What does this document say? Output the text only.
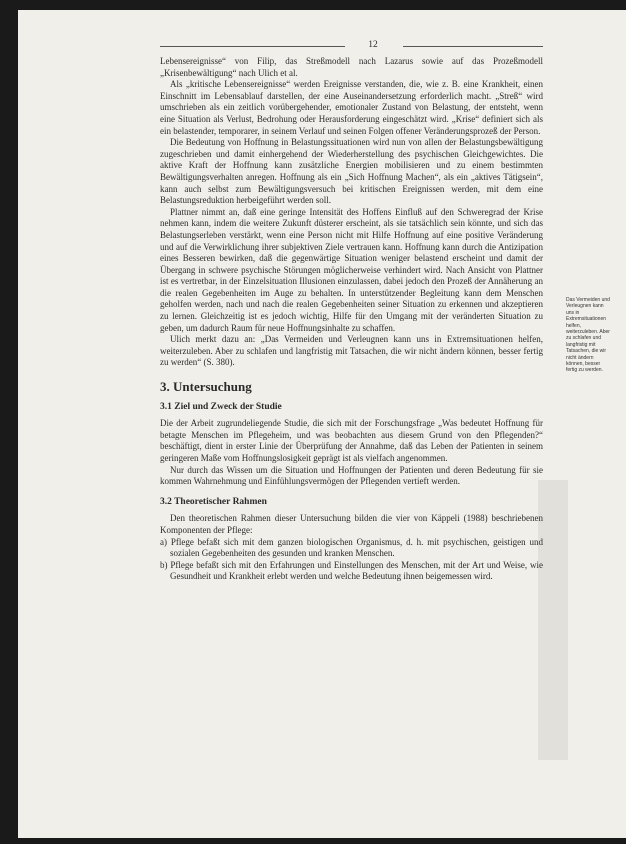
12

Lebensereignisse“ von Filip, das Streßmodell nach Lazarus sowie auf das Prozeßmodell „Krisenbewältigung“ nach Ulich et al.

Als „kritische Lebensereignisse“ werden Ereignisse verstanden, die, wie z. B. eine Krankheit, einen Einschnitt im Lebensablauf darstellen, der eine Auseinandersetzung erforderlich macht. „Streß“ wird umschrieben als ein zeitlich vorübergehender, emotionaler Zustand von Belastung, der entsteht, wenn eine Situation als Verlust, Bedrohung oder Herausforderung eingeschätzt wird. „Krise“ definiert sich als ein belastender, temporarer, in seinem Verlauf und seinen Folgen offener Veränderungsprozeß der Person.

Die Bedeutung von Hoffnung in Belastungssituationen wird nun von allen der Belastungsbewältigung zugeschrieben und damit einhergehend der Wiederherstellung des psychischen Gleichgewichtes. Die aktive Kraft der Hoffnung kann zusätzliche Energien mobilisieren und zu einem bestimmten Bewältigungsverhalten anregen. Hoffnung als ein „Sich Hoffnung Machen“, als ein „aktives Tätigsein“, kann auch selbst zum Bewältigungsversuch bei kritischen Ereignissen werden, mit dem eine Belastungsreduktion herbeigeführt werden soll.

Plattner nimmt an, daß eine geringe Intensität des Hoffens Einfluß auf den Schweregrad der Krise nehmen kann, indem die weitere Zukunft düsterer erscheint, als sie tatsächlich sein könnte, und sich das Belastungserleben verstärkt, wenn eine Person nicht mit Hilfe Hoffnung auf eine positive Veränderung und auf die Verwirklichung ihrer subjektiven Ziele vertrauen kann. Hoffnung kann durch die Antizipation eines Besseren bewirken, daß die gegenwärtige Situation weniger belastend erscheint und damit der Übergang in schwere psychische Störungen möglicherweise verhindert wird. Nach Ansicht von Plattner ist es vertretbar, in der Einzelsituation Illusionen einzulassen, dabei jedoch den Prozeß der Annäherung an die realen Gegebenheiten im Auge zu behalten. In unterstützender Begleitung kann dem Menschen geholfen werden, nach und nach die realen Gegebenheiten seiner Situation zu erkennen und akzeptieren zu lernen. Gleichzeitig ist es jedoch wichtig, Hilfe für den Umgang mit der veränderten Situation zu geben, um dadurch Raum für neue Hoffnungsinhalte zu schaffen.

Ulich merkt dazu an: „Das Vermeiden und Verleugnen kann uns in Extremsituationen helfen, weiterzuleben. Aber zu schlafen und langfristig mit Tatsachen, die wir nicht ändern können, besser fertig zu werden“ (S. 380).

3. Untersuchung
3.1 Ziel und Zweck der Studie

Die der Arbeit zugrundeliegende Studie, die sich mit der Forschungsfrage „Was bedeutet Hoffnung für betagte Menschen im Pflegeheim, und was beobachten aus diesem Grund von den Pflegenden?“ beschäftigt, dient in erster Linie der Überprüfung der Annahme, daß das Leben der Patienten in seinem geringeren Maße vom Hoffnungslosigkeit geprägt ist als vielfach angenommen.

Nur durch das Wissen um die Situation und Hoffnungen der Patienten und deren Bedeutung für sie kommen Wahrnehmung und Einfühlungsvermögen der Pflegenden vertieft werden.

3.2 Theoretischer Rahmen

Den theoretischen Rahmen dieser Untersuchung bilden die vier von Käppeli (1988) beschriebenen Komponenten der Pflege:

a) Pflege befaßt sich mit dem ganzen biologischen Organismus, d. h. mit psychischen, geistigen und sozialen Gegebenheiten des gesunden und kranken Menschen.

b) Pflege befaßt sich mit den Erfahrungen und Einstellungen des Menschen, mit der Art und Weise, wie Gesundheit und Krankheit erlebt werden und welche Bedeutung ihnen beigemessen wird.

Das Vermeiden und Verleugnen kann uns in Extremsituationen helfen, weiterzuleben. Aber zu schlafen und langfristig mit Tatsachen, die wir nicht ändern können, besser fertig zu werden.
